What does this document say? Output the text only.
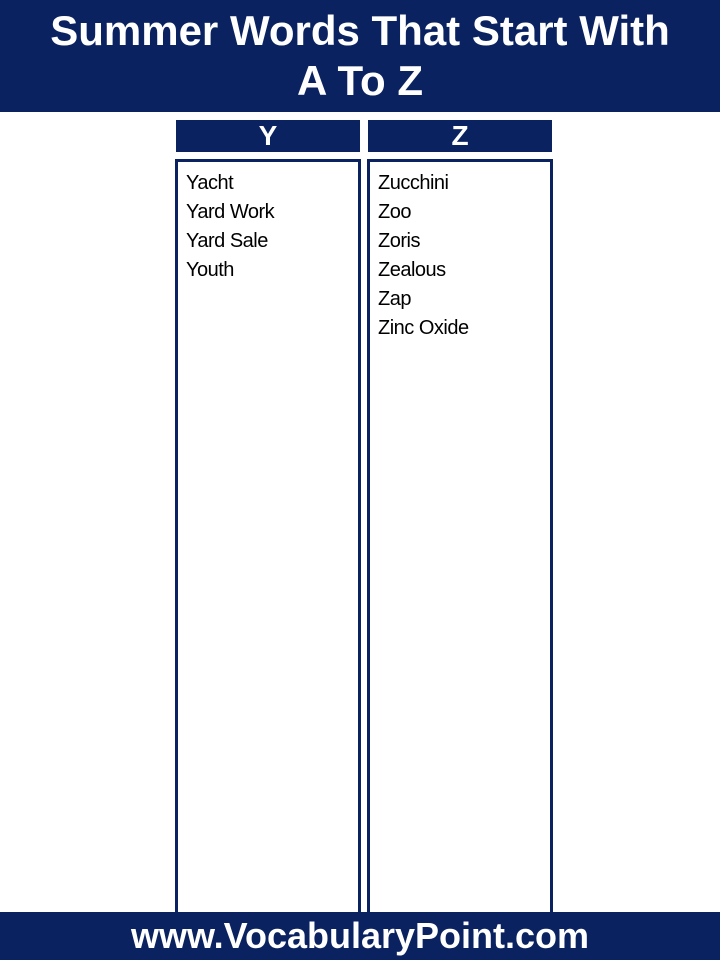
Summer Words That Start With A To Z
Y	Z
Yacht
Yard Work
Yard Sale
Youth
Zucchini
Zoo
Zoris
Zealous
Zap
Zinc Oxide
www.VocabularyPoint.com
